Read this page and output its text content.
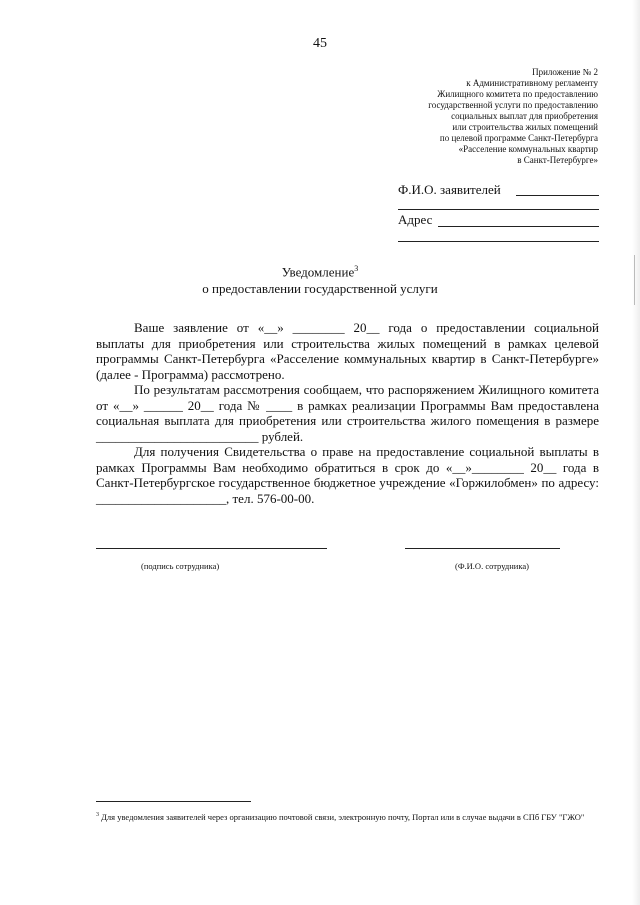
45
Приложение № 2
к Административному регламенту
Жилищного комитета по предоставлению
государственной услуги по предоставлению
социальных выплат для приобретения
или строительства жилых помещений
по целевой программе Санкт-Петербурга
«Расселение коммунальных квартир
в Санкт-Петербурге»
Ф.И.О. заявителей
Адрес
Уведомление$^3$
о предоставлении государственной услуги

Ваше заявление от «__» ________ 20__ года о предоставлении социальной выплаты для приобретения или строительства жилых помещений в рамках целевой программы Санкт-Петербурга «Расселение коммунальных квартир в Санкт-Петербурге» (далее - Программа) рассмотрено.

По результатам рассмотрения сообщаем, что распоряжением Жилищного комитета от «__» ______ 20__ года № ____ в рамках реализации Программы Вам предоставлена социальная выплата для приобретения или строительства жилого помещения в размере _________________________ рублей.

Для получения Свидетельства о праве на предоставление социальной выплаты в рамках Программы Вам необходимо обратиться в срок до «__»________ 20__ года в Санкт-Петербургское государственное бюджетное учреждение «Горжилобмен» по адресу: ____________________, тел. 576-00-00.

(подпись сотрудника)	(Ф.И.О. сотрудника)
$^3$ Для уведомления заявителей через организацию почтовой связи, электронную почту, Портал или в случае выдачи в СПб ГБУ "ГЖО"
